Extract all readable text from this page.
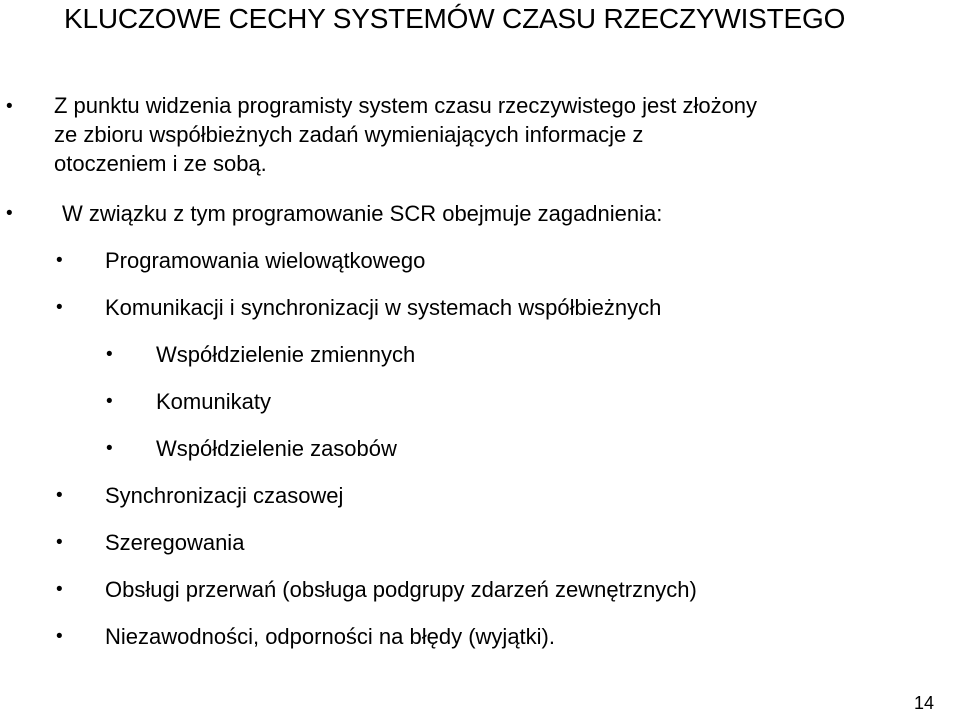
KLUCZOWE CECHY SYSTEMÓW CZASU RZECZYWISTEGO
• Z punktu widzenia programisty system czasu rzeczywistego jest złożony
ze zbioru współbieżnych zadań wymieniających informacje z
otoczeniem i ze sobą.
• W związku z tym programowanie SCR obejmuje zagadnienia:
• Programowania wielowątkowego
• Komunikacji i synchronizacji w systemach współbieżnych
• Współdzielenie zmiennych
• Komunikaty
• Współdzielenie zasobów
• Synchronizacji czasowej
• Szeregowania
• Obsługi przerwań (obsługa podgrupy zdarzeń zewnętrznych)
• Niezawodności, odporności na błędy (wyjątki).
14
